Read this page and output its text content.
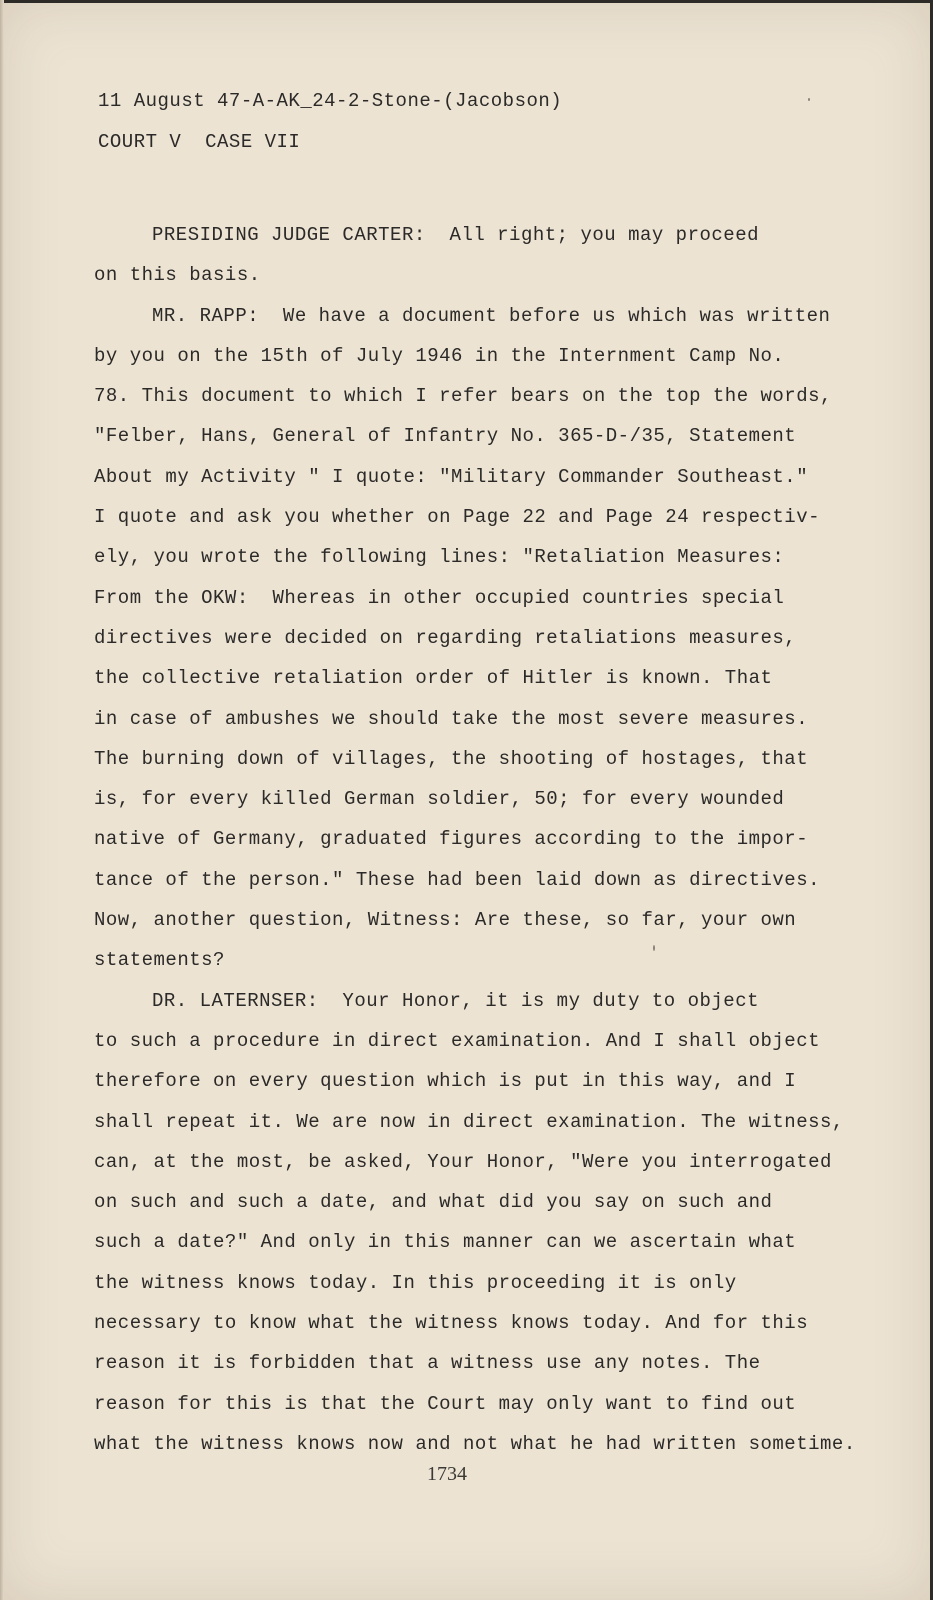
11 August 47-A-AK_24-2-Stone-(Jacobson)
COURT V  CASE VII
PRESIDING JUDGE CARTER:  All right; you may proceed
on this basis.
MR. RAPP:  We have a document before us which was written
by you on the 15th of July 1946 in the Internment Camp No.
78. This document to which I refer bears on the top the words,
"Felber, Hans, General of Infantry No. 365-D-/35, Statement
About my Activity " I quote: "Military Commander Southeast."
I quote and ask you whether on Page 22 and Page 24 respectiv-
ely, you wrote the following lines: "Retaliation Measures:
From the OKW:  Whereas in other occupied countries special
directives were decided on regarding retaliations measures,
the collective retaliation order of Hitler is known. That
in case of ambushes we should take the most severe measures.
The burning down of villages, the shooting of hostages, that
is, for every killed German soldier, 50; for every wounded
native of Germany, graduated figures according to the impor-
tance of the person." These had been laid down as directives.
Now, another question, Witness: Are these, so far, your own
statements?
DR. LATERNSER:  Your Honor, it is my duty to object
to such a procedure in direct examination. And I shall object
therefore on every question which is put in this way, and I
shall repeat it. We are now in direct examination. The witness,
can, at the most, be asked, Your Honor, "Were you interrogated
on such and such a date, and what did you say on such and
such a date?" And only in this manner can we ascertain what
the witness knows today. In this proceeding it is only
necessary to know what the witness knows today. And for this
reason it is forbidden that a witness use any notes. The
reason for this is that the Court may only want to find out
what the witness knows now and not what he had written sometime.
1734
